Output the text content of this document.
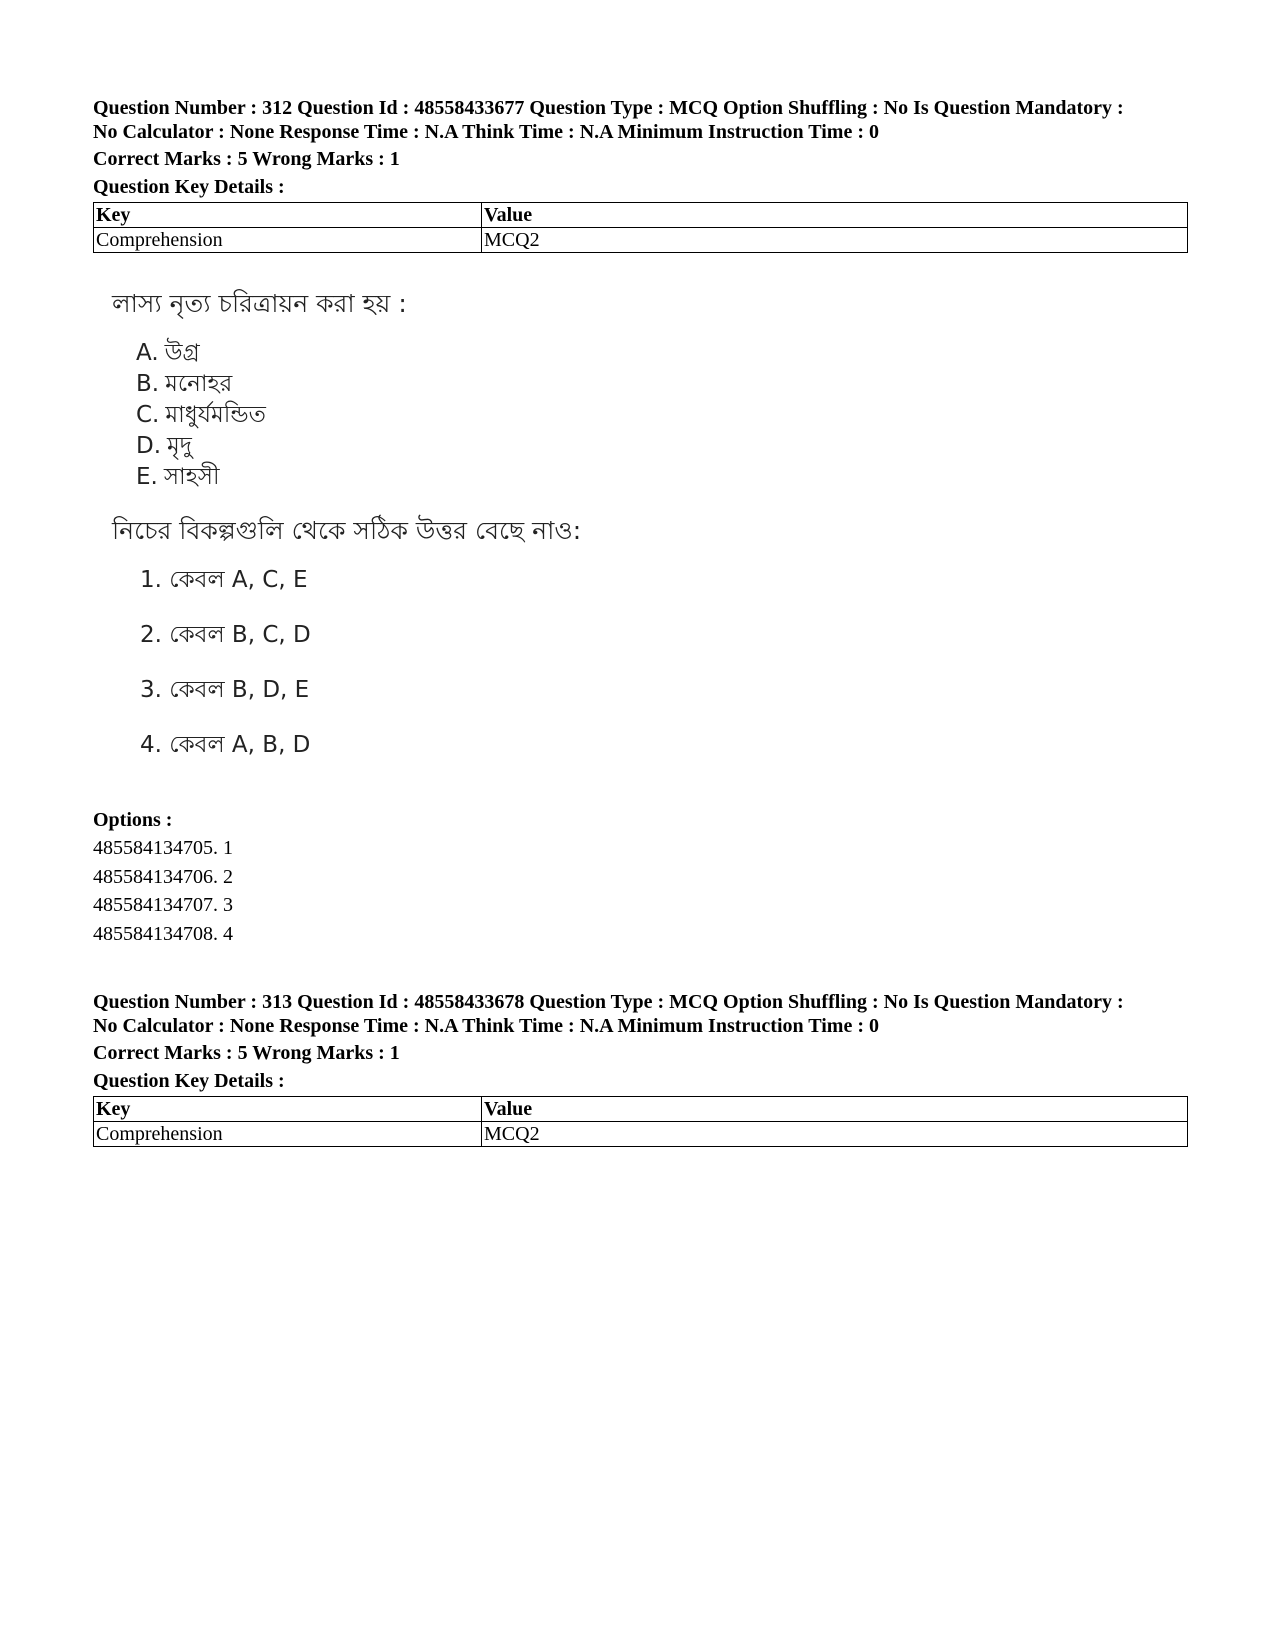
Question Number : 312 Question Id : 48558433677 Question Type : MCQ Option Shuffling : No Is Question Mandatory :
No Calculator : None Response Time : N.A Think Time : N.A Minimum Instruction Time : 0
Correct Marks : 5 Wrong Marks : 1
Question Key Details :
Key	Value
Comprehension	MCQ2
লাস্য নৃত্য চরিত্রায়ন করা হয় :
A. উগ্র
B. মনোহর
C. মাধুর্যমন্ডিত
D. মৃদু
E. সাহসী
নিচের বিকল্পগুলি থেকে সঠিক উত্তর বেছে নাও:
1. কেবল A, C, E
2. কেবল B, C, D
3. কেবল B, D, E
4. কেবল A, B, D
Options :
485584134705. 1
485584134706. 2
485584134707. 3
485584134708. 4
Question Number : 313 Question Id : 48558433678 Question Type : MCQ Option Shuffling : No Is Question Mandatory :
No Calculator : None Response Time : N.A Think Time : N.A Minimum Instruction Time : 0
Correct Marks : 5 Wrong Marks : 1
Question Key Details :
Key	Value
Comprehension	MCQ2
